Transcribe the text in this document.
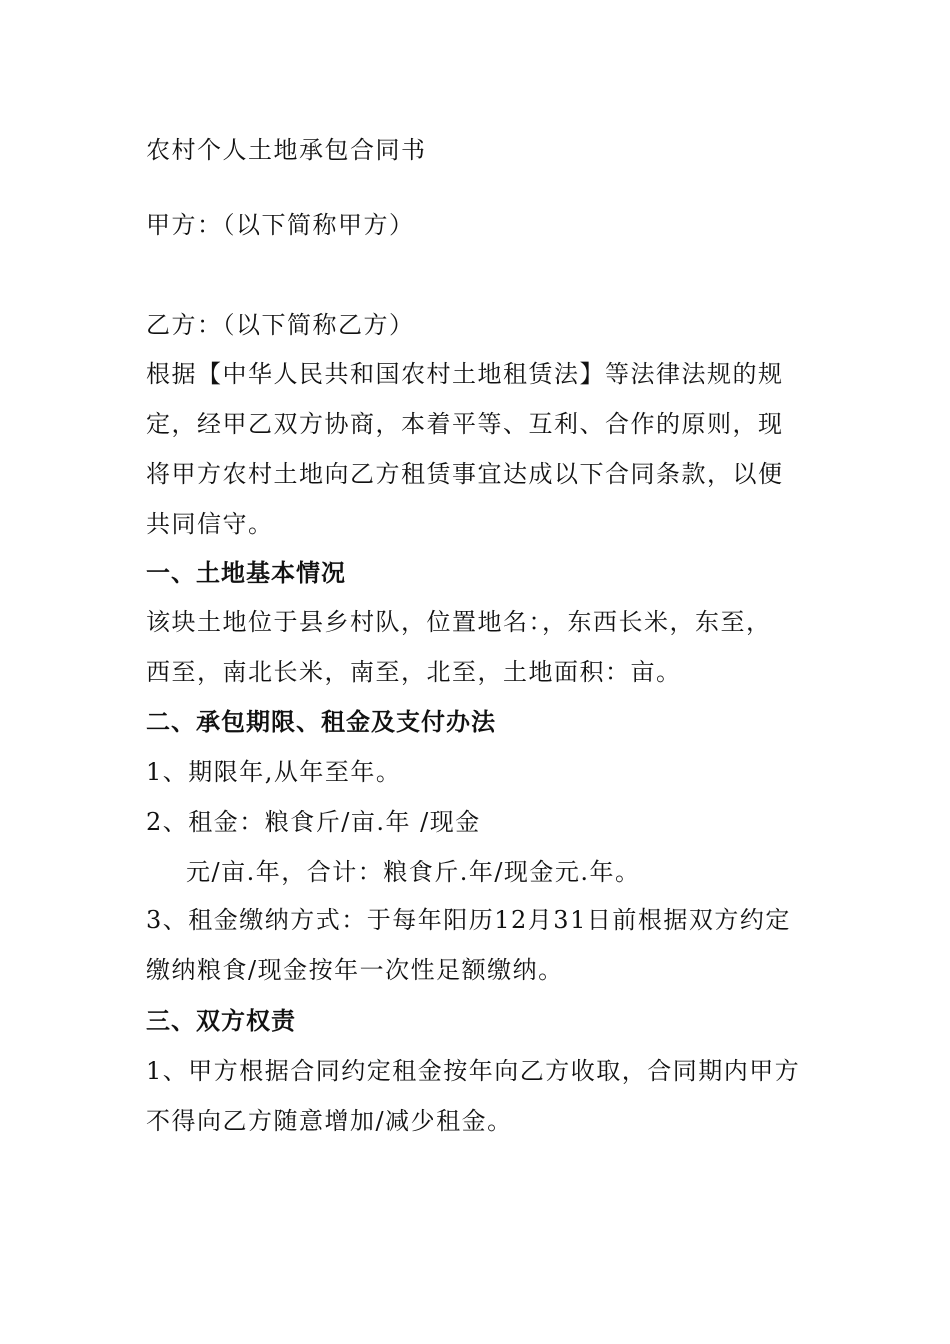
农村个人土地承包合同书
甲方：（以下简称甲方）
乙方：（以下简称乙方）
根据【中华人民共和国农村土地租赁法】等法律法规的规
定，经甲乙双方协商，本着平等、互利、合作的原则，现
将甲方农村土地向乙方租赁事宜达成以下合同条款，以便
共同信守。
一、土地基本情况
该块土地位于县乡村队，位置地名：，东西长米，东至，
西至，南北长米，南至，北至，土地面积：亩。
二、承包期限、租金及支付办法
1、期限年,从年至年。
2、租金：粮食斤/亩.年 /现金
元/亩.年，合计：粮食斤.年/现金元.年。
3、租金缴纳方式：于每年阳历12月31日前根据双方约定
缴纳粮食/现金按年一次性足额缴纳。
三、双方权责
1、甲方根据合同约定租金按年向乙方收取，合同期内甲方
不得向乙方随意增加/减少租金。
